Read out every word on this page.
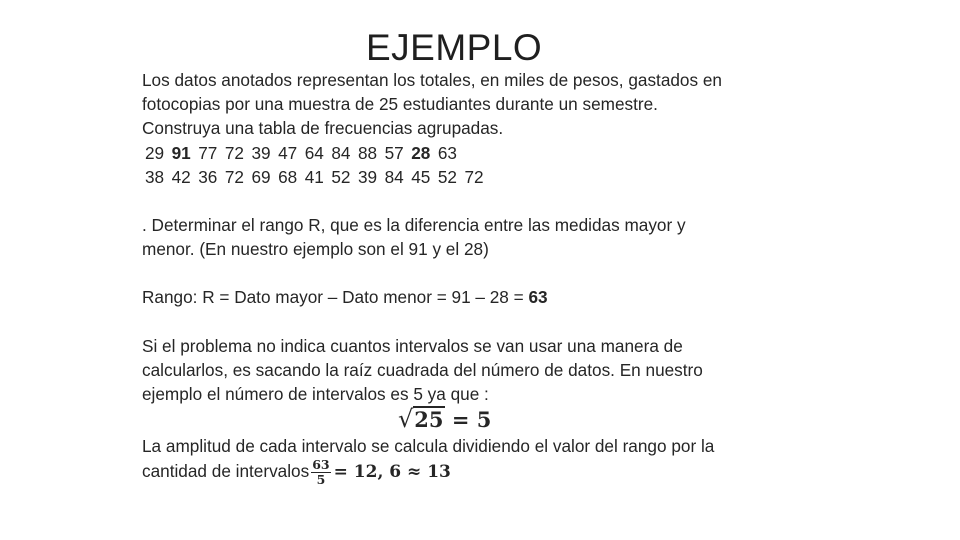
EJEMPLO

Los datos anotados representan los totales, en miles de pesos, gastados en

fotocopias por una muestra de 25 estudiantes durante un semestre.

Construya una tabla de frecuencias agrupadas.

29 91 77 72 39 47 64 84 88 57 28 63

38 42 36 72 69 68 41 52 39 84 45 52 72

. Determinar el rango R, que es la diferencia entre las medidas mayor y

menor. (En nuestro ejemplo son el 91 y el 28)

Rango: R = Dato mayor – Dato menor = 91 – 28 = 63

Si el problema no indica cuantos intervalos se van usar una manera de

calcularlos, es sacando la raíz cuadrada del número de datos. En nuestro

ejemplo el número de intervalos es 5 ya que :

√25 = 5

La amplitud de cada intervalo se calcula dividiendo el valor del rango por la

cantidad de intervalos $\frac{63}{5} = 12$, 6 ≈ 13
